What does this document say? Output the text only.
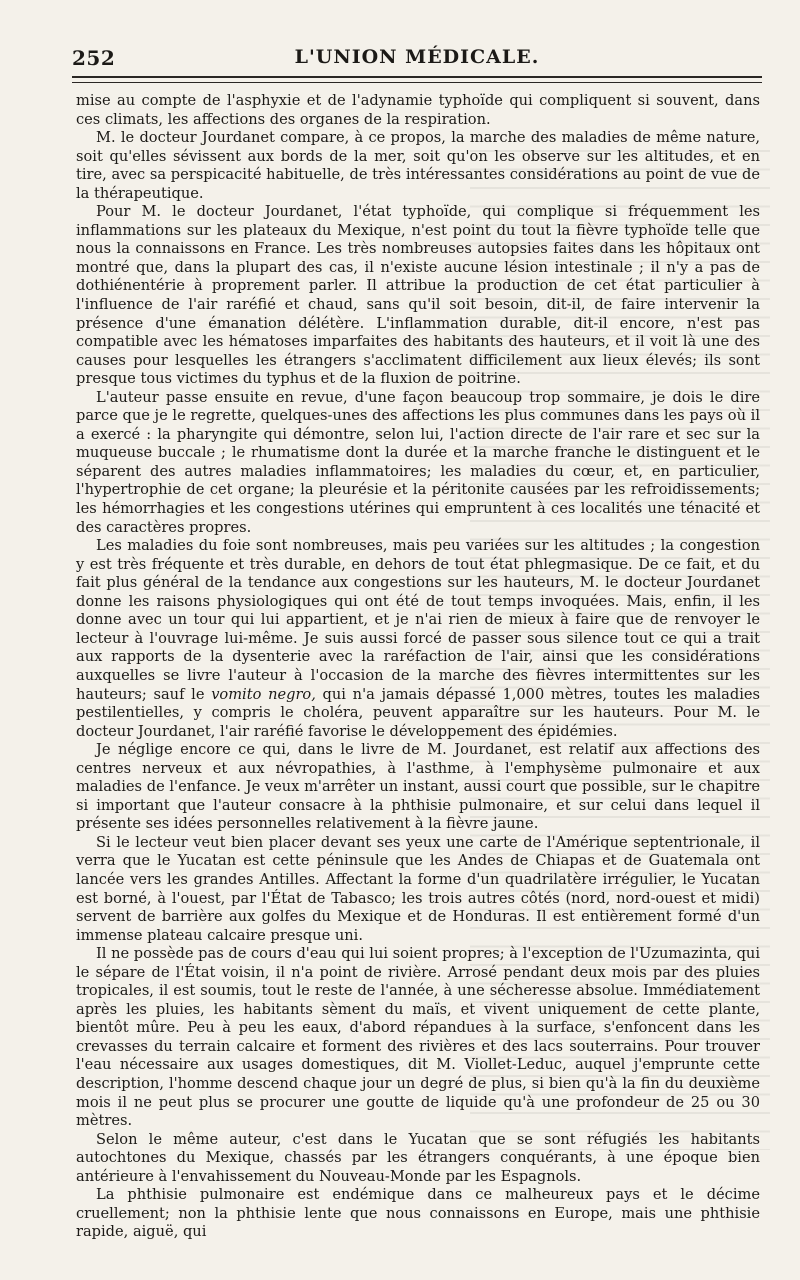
252	L'UNION MÉDICALE.

mise au compte de l'asphyxie et de l'adynamie typhoïde qui compliquent si souvent, dans ces climats, les affections des organes de la respiration.

M. le docteur Jourdanet compare, à ce propos, la marche des maladies de même nature, soit qu'elles sévissent aux bords de la mer, soit qu'on les observe sur les altitudes, et en tire, avec sa perspicacité habituelle, de très intéressantes considérations au point de vue de la thérapeutique.

Pour M. le docteur Jourdanet, l'état typhoïde, qui complique si fréquemment les inflammations sur les plateaux du Mexique, n'est point du tout la fièvre typhoïde telle que nous la connaissons en France. Les très nombreuses autopsies faites dans les hôpitaux ont montré que, dans la plupart des cas, il n'existe aucune lésion intestinale ; il n'y a pas de dothiénentérie à proprement parler. Il attribue la production de cet état particulier à l'influence de l'air raréfié et chaud, sans qu'il soit besoin, dit-il, de faire intervenir la présence d'une émanation délétère. L'inflammation durable, dit-il encore, n'est pas compatible avec les hématoses imparfaites des habitants des hauteurs, et il voit là une des causes pour lesquelles les étrangers s'acclimatent difficilement aux lieux élevés; ils sont presque tous victimes du typhus et de la fluxion de poitrine.

L'auteur passe ensuite en revue, d'une façon beaucoup trop sommaire, je dois le dire parce que je le regrette, quelques-unes des affections les plus communes dans les pays où il a exercé : la pharyngite qui démontre, selon lui, l'action directe de l'air rare et sec sur la muqueuse buccale ; le rhumatisme dont la durée et la marche franche le distinguent et le séparent des autres maladies inflammatoires; les maladies du cœur, et, en particulier, l'hypertrophie de cet organe; la pleurésie et la péritonite causées par les refroidissements; les hémorrhagies et les congestions utérines qui empruntent à ces localités une ténacité et des caractères propres.

Les maladies du foie sont nombreuses, mais peu variées sur les altitudes ; la congestion y est très fréquente et très durable, en dehors de tout état phlegmasique. De ce fait, et du fait plus général de la tendance aux congestions sur les hauteurs, M. le docteur Jourdanet donne les raisons physiologiques qui ont été de tout temps invoquées. Mais, enfin, il les donne avec un tour qui lui appartient, et je n'ai rien de mieux à faire que de renvoyer le lecteur à l'ouvrage lui-même. Je suis aussi forcé de passer sous silence tout ce qui a trait aux rapports de la dysenterie avec la raréfaction de l'air, ainsi que les considérations auxquelles se livre l'auteur à l'occasion de la marche des fièvres intermittentes sur les hauteurs; sauf le vomito negro, qui n'a jamais dépassé 1,000 mètres, toutes les maladies pestilentielles, y compris le choléra, peuvent apparaître sur les hauteurs. Pour M. le docteur Jourdanet, l'air raréfié favorise le développement des épidémies.

Je néglige encore ce qui, dans le livre de M. Jourdanet, est relatif aux affections des centres nerveux et aux névropathies, à l'asthme, à l'emphysème pulmonaire et aux maladies de l'enfance. Je veux m'arrêter un instant, aussi court que possible, sur le chapitre si important que l'auteur consacre à la phthisie pulmonaire, et sur celui dans lequel il présente ses idées personnelles relativement à la fièvre jaune.

Si le lecteur veut bien placer devant ses yeux une carte de l'Amérique septentrionale, il verra que le Yucatan est cette péninsule que les Andes de Chiapas et de Guatemala ont lancée vers les grandes Antilles. Affectant la forme d'un quadrilatère irrégulier, le Yucatan est borné, à l'ouest, par l'État de Tabasco; les trois autres côtés (nord, nord-ouest et midi) servent de barrière aux golfes du Mexique et de Honduras. Il est entièrement formé d'un immense plateau calcaire presque uni.

Il ne possède pas de cours d'eau qui lui soient propres; à l'exception de l'Uzumazinta, qui le sépare de l'État voisin, il n'a point de rivière. Arrosé pendant deux mois par des pluies tropicales, il est soumis, tout le reste de l'année, à une sécheresse absolue. Immédiatement après les pluies, les habitants sèment du maïs, et vivent uniquement de cette plante, bientôt mûre. Peu à peu les eaux, d'abord répandues à la surface, s'enfoncent dans les crevasses du terrain calcaire et forment des rivières et des lacs souterrains. Pour trouver l'eau nécessaire aux usages domestiques, dit M. Viollet-Leduc, auquel j'emprunte cette description, l'homme descend chaque jour un degré de plus, si bien qu'à la fin du deuxième mois il ne peut plus se procurer une goutte de liquide qu'à une profondeur de 25 ou 30 mètres.

Selon le même auteur, c'est dans le Yucatan que se sont réfugiés les habitants autochtones du Mexique, chassés par les étrangers conquérants, à une époque bien antérieure à l'envahissement du Nouveau-Monde par les Espagnols.

La phthisie pulmonaire est endémique dans ce malheureux pays et le décime cruellement; non la phthisie lente que nous connaissons en Europe, mais une phthisie rapide, aiguë, qui
